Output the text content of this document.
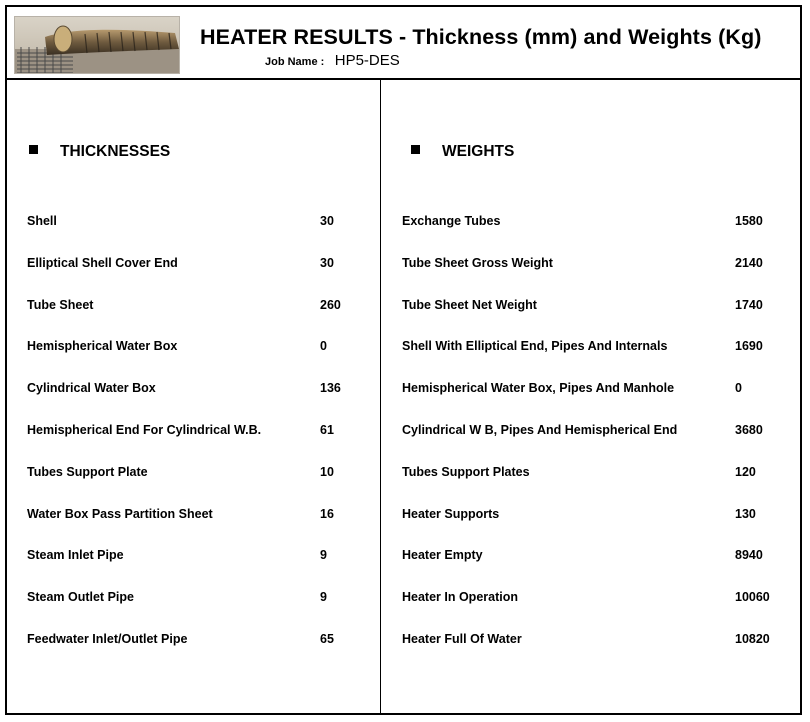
HEATER RESULTS - Thickness (mm) and Weights (Kg)
Job Name : HP5-DES
THICKNESSES	WEIGHTS
Shell	30
Elliptical Shell Cover End	30
Tube Sheet	260
Hemispherical Water Box	0
Cylindrical Water Box	136
Hemispherical End For Cylindrical W.B.	61
Tubes Support Plate	10
Water Box Pass Partition Sheet	16
Steam Inlet Pipe	9
Steam Outlet Pipe	9
Feedwater Inlet/Outlet Pipe	65
Exchange Tubes	1580
Tube Sheet Gross Weight	2140
Tube Sheet Net Weight	1740
Shell With Elliptical End, Pipes And Internals	1690
Hemispherical Water Box, Pipes And Manhole	0
Cylindrical W B, Pipes And Hemispherical End	3680
Tubes Support Plates	120
Heater Supports	130
Heater Empty	8940
Heater In Operation	10060
Heater Full Of Water	10820
